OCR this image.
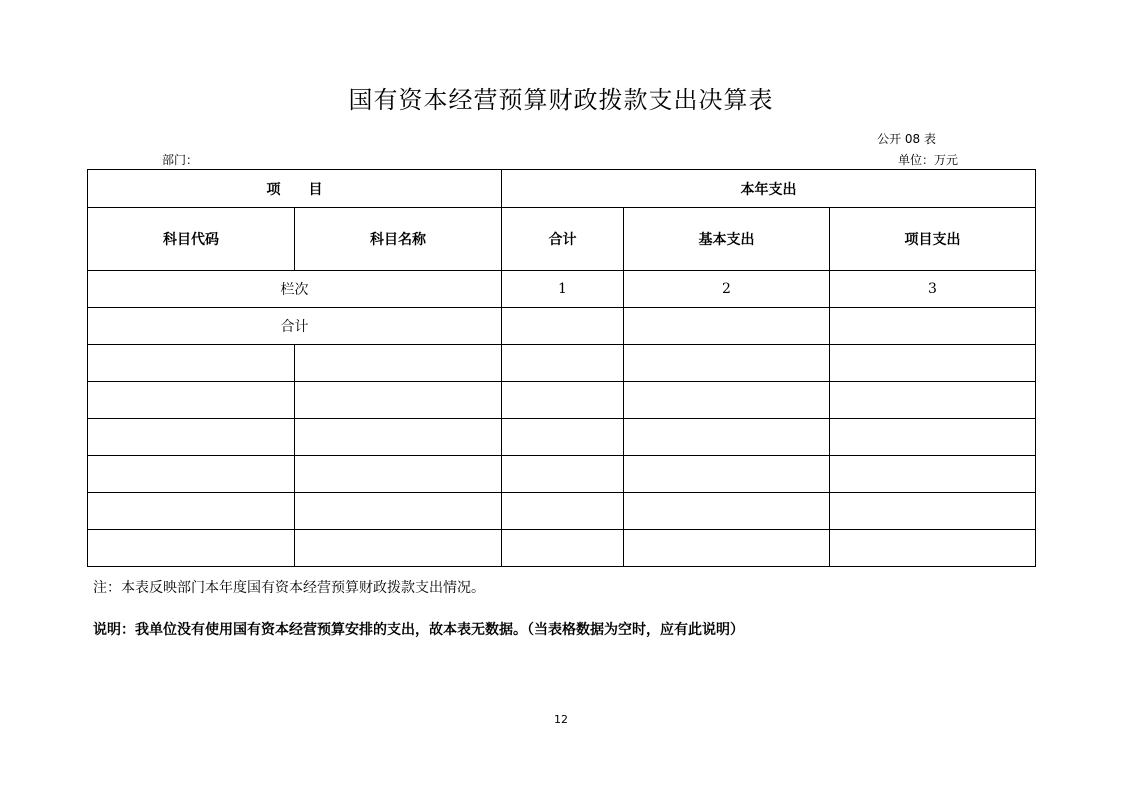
国有资本经营预算财政拨款支出决算表
公开 08 表
部门：	单位：万元
项　　目		本年支出		
科目代码	科目名称	合计	基本支出	项目支出
栏次		1	2	3
合计				

注：本表反映部门本年度国有资本经营预算财政拨款支出情况。
说明：我单位没有使用国有资本经营预算安排的支出，故本表无数据。（当表格数据为空时，应有此说明）
12
